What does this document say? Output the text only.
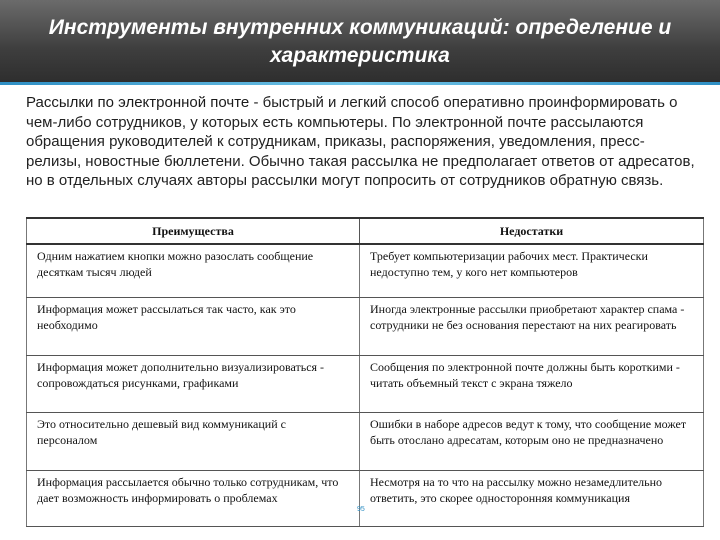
Инструменты внутренних коммуникаций: определение и характеристика

Рассылки по электронной почте - быстрый и легкий способ оперативно проинформировать о чем-либо сотрудников, у которых есть компьютеры. По электронной почте рассылаются обращения руководителей к сотрудникам, приказы, распоряжения, уведомления, пресс-релизы, новостные бюллетени. Обычно такая рассылка не предполагает ответов от адресатов, но в отдельных случаях авторы рассылки могут попросить от сотрудников обратную связь.

Преимущества	Недостатки
Одним нажатием кнопки можно разослать сообщение десяткам тысяч людей	Требует компьютеризации рабочих мест. Практически недоступно тем, у кого нет компьютеров
Информация может рассылаться так часто, как это необходимо	Иногда электронные рассылки приобретают характер спама - сотрудники не без основания перестают на них реагировать
Информация может дополнительно визуализироваться - сопровождаться рисунками, графиками	Сообщения по электронной почте должны быть короткими - читать объемный текст с экрана тяжело
Это относительно дешевый вид коммуникаций с персоналом	Ошибки в наборе адресов ведут к тому, что сообщение может быть отослано адресатам, которым оно не предназначено
Информация рассылается обычно только сотрудникам, что дает возможность информировать о проблемах	Несмотря на то что на рассылку можно незамедлительно ответить, это скорее односторонняя коммуникация
95
